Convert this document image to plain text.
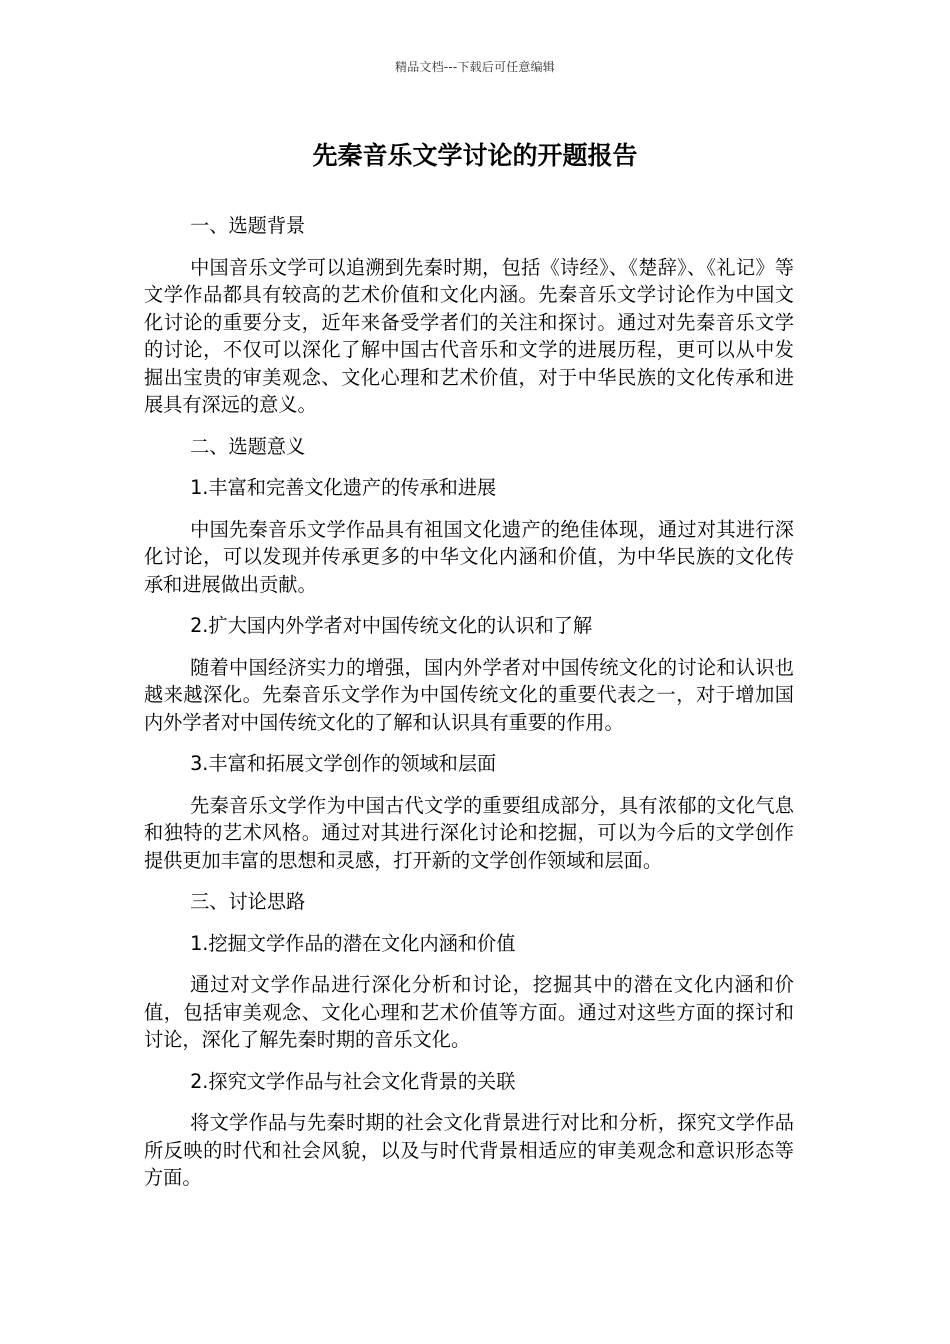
精品文档---下载后可任意编辑
先秦音乐文学讨论的开题报告

一、选题背景

中国音乐文学可以追溯到先秦时期，包括《诗经》、《楚辞》、《礼记》等文学作品都具有较高的艺术价值和文化内涵。先秦音乐文学讨论作为中国文化讨论的重要分支，近年来备受学者们的关注和探讨。通过对先秦音乐文学的讨论，不仅可以深化了解中国古代音乐和文学的进展历程，更可以从中发掘出宝贵的审美观念、文化心理和艺术价值，对于中华民族的文化传承和进展具有深远的意义。

二、选题意义

1.丰富和完善文化遗产的传承和进展

中国先秦音乐文学作品具有祖国文化遗产的绝佳体现，通过对其进行深化讨论，可以发现并传承更多的中华文化内涵和价值，为中华民族的文化传承和进展做出贡献。

2.扩大国内外学者对中国传统文化的认识和了解

随着中国经济实力的增强，国内外学者对中国传统文化的讨论和认识也越来越深化。先秦音乐文学作为中国传统文化的重要代表之一，对于增加国内外学者对中国传统文化的了解和认识具有重要的作用。

3.丰富和拓展文学创作的领域和层面

先秦音乐文学作为中国古代文学的重要组成部分，具有浓郁的文化气息和独特的艺术风格。通过对其进行深化讨论和挖掘，可以为今后的文学创作提供更加丰富的思想和灵感，打开新的文学创作领域和层面。

三、讨论思路

1.挖掘文学作品的潜在文化内涵和价值

通过对文学作品进行深化分析和讨论，挖掘其中的潜在文化内涵和价值，包括审美观念、文化心理和艺术价值等方面。通过对这些方面的探讨和讨论，深化了解先秦时期的音乐文化。

2.探究文学作品与社会文化背景的关联

将文学作品与先秦时期的社会文化背景进行对比和分析，探究文学作品所反映的时代和社会风貌，以及与时代背景相适应的审美观念和意识形态等方面。
